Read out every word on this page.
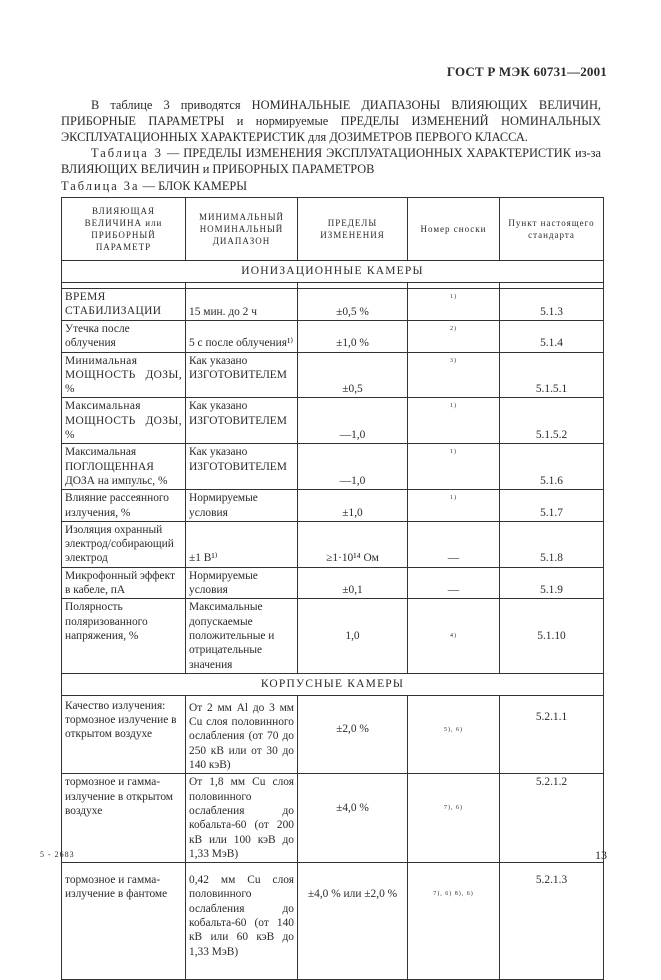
ГОСТ Р МЭК 60731—2001

В таблице 3 приводятся НОМИНАЛЬНЫЕ ДИАПАЗОНЫ ВЛИЯЮЩИХ ВЕЛИЧИН, ПРИБОРНЫЕ ПАРАМЕТРЫ и нормируемые ПРЕДЕЛЫ ИЗМЕНЕНИЙ НОМИНАЛЬНЫХ ЭКСПЛУАТАЦИОННЫХ ХАРАКТЕРИСТИК для ДОЗИМЕТРОВ ПЕРВОГО КЛАССА.

Таблица 3 — ПРЕДЕЛЫ ИЗМЕНЕНИЯ ЭКСПЛУАТАЦИОННЫХ ХАРАКТЕРИСТИК из-за ВЛИЯЮЩИХ ВЕЛИЧИН и ПРИБОРНЫХ ПАРАМЕТРОВ

Таблица 3а — БЛОК КАМЕРЫ
ВЛИЯЮЩАЯ ВЕЛИЧИНА или ПРИБОРНЫЙ ПАРАМЕТР	МИНИМАЛЬНЫЙ НОМИНАЛЬНЫЙ ДИАПАЗОН	ПРЕДЕЛЫ ИЗМЕНЕНИЯ	Номер сноски	Пункт настоящего стандарта
ИОНИЗАЦИОННЫЕ КАМЕРЫ				

ВРЕМЯ СТАБИЛИЗАЦИИ	15 мин. до 2 ч	±0,5 %	1)	5.1.3
Утечка после облучения	5 с после облучения¹⁾	±1,0 %	2)	5.1.4
Минимальная МОЩНОСТЬ ДОЗЫ, %	Как указано ИЗГОТОВИТЕЛЕМ	±0,5	3)	5.1.5.1
Максимальная МОЩНОСТЬ ДОЗЫ, %	Как указано ИЗГОТОВИТЕЛЕМ	—1,0	1)	5.1.5.2
Максимальная ПОГЛОЩЕННАЯ ДОЗА на импульс, %	Как указано ИЗГОТОВИТЕЛЕМ	—1,0	1)	5.1.6
Влияние рассеянного излучения, %	Нормируемые условия	±1,0	1)	5.1.7
Изоляция охранный электрод/собирающий электрод	±1 В¹⁾	≥1·10¹⁴ Ом	—	5.1.8
Микрофонный эффект в кабеле, пА	Нормируемые условия	±0,1	—	5.1.9
Полярность поляризованного напряжения, %	Максимальные допускаемые положительные и отрицательные значения	1,0	4)	5.1.10
КОРПУСНЫЕ КАМЕРЫ				
Качество излучения: тормозное излучение в открытом воздухе	От 2 мм Al до 3 мм Cu слоя половинного ослабления (от 70 до 250 кВ или от 30 до 140 кэВ)	±2,0 %	5), 6)	5.2.1.1
тормозное и гамма-излучение в открытом воздухе	От 1,8 мм Cu слоя половинного ослабления до кобальта-60 (от 200 кВ или 100 кэВ до 1,33 МэВ)	±4,0 %	7), 6)	5.2.1.2
тормозное и гамма-излучение в фантоме	0,42 мм Cu слоя половинного ослабления до кобальта-60 (от 140 кВ или 60 кэВ до 1,33 МэВ)	±4,0 % или ±2,0 %	7), 6) 8), 6)	5.2.1.3
5 - 2683	13
